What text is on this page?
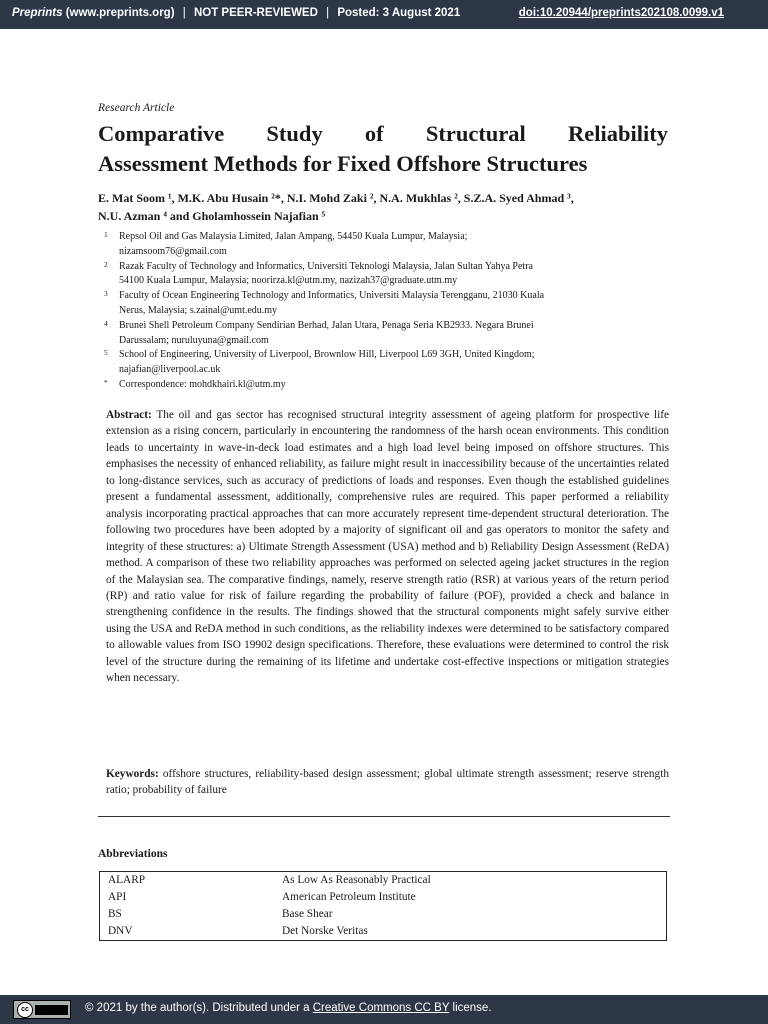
Preprints (www.preprints.org) | NOT PEER-REVIEWED | Posted: 3 August 2021	doi:10.20944/preprints202108.0099.v1
Research Article
Comparative Study of Structural Reliability
Assessment Methods for Fixed Offshore Structures
E. Mat Soom ¹, M.K. Abu Husain ²*, N.I. Mohd Zaki ², N.A. Mukhlas ², S.Z.A. Syed Ahmad ³,
N.U. Azman ⁴ and Gholamhossein Najafian ⁵
1 Repsol Oil and Gas Malaysia Limited, Jalan Ampang, 54450 Kuala Lumpur, Malaysia;
nizamsoom76@gmail.com
2 Razak Faculty of Technology and Informatics, Universiti Teknologi Malaysia, Jalan Sultan Yahya Petra
54100 Kuala Lumpur, Malaysia; noorirza.kl@utm.my, nazizah37@graduate.utm.my
3 Faculty of Ocean Engineering Technology and Informatics, Universiti Malaysia Terengganu, 21030 Kuala
Nerus, Malaysia; s.zainal@umt.edu.my
4 Brunei Shell Petroleum Company Sendirian Berhad, Jalan Utara, Penaga Seria KB2933. Negara Brunei
Darussalam; nuruluyuna@gmail.com
5 School of Engineering, University of Liverpool, Brownlow Hill, Liverpool L69 3GH, United Kingdom;
najafian@liverpool.ac.uk
* Correspondence: mohdkhairi.kl@utm.my

Abstract: The oil and gas sector has recognised structural integrity assessment of ageing platform for prospective life extension as a rising concern, particularly in encountering the randomness of the harsh ocean environments. This condition leads to uncertainty in wave-in-deck load estimates and a high load level being imposed on offshore structures. This emphasises the necessity of enhanced reliability, as failure might result in inaccessibility because of the uncertainties related to long-distance services, such as accuracy of predictions of loads and responses. Even though the established guidelines present a fundamental assessment, additionally, comprehensive rules are required. This paper performed a reliability analysis incorporating practical approaches that can more accurately represent time-dependent structural deterioration. The following two procedures have been adopted by a majority of significant oil and gas operators to monitor the safety and integrity of these structures: a) Ultimate Strength Assessment (USA) method and b) Reliability Design Assessment (ReDA) method. A comparison of these two reliability approaches was performed on selected ageing jacket structures in the region of the Malaysian sea. The comparative findings, namely, reserve strength ratio (RSR) at various years of the return period (RP) and ratio value for risk of failure regarding the probability of failure (POF), provided a check and balance in strengthening confidence in the results. The findings showed that the structural components might safely survive either using the USA and ReDA method in such conditions, as the reliability indexes were determined to be satisfactory compared to allowable values from ISO 19902 design specifications. Therefore, these evaluations were determined to control the risk level of the structure during the remaining of its lifetime and undertake cost-effective inspections or mitigation strategies when necessary.

Keywords: offshore structures, reliability-based design assessment; global ultimate strength assessment; reserve strength ratio; probability of failure

Abbreviations
ALARP	As Low As Reasonably Practical
API	American Petroleum Institute
BS	Base Shear
DNV	Det Norske Veritas
cc	© 2021 by the author(s). Distributed under a Creative Commons CC BY license.
